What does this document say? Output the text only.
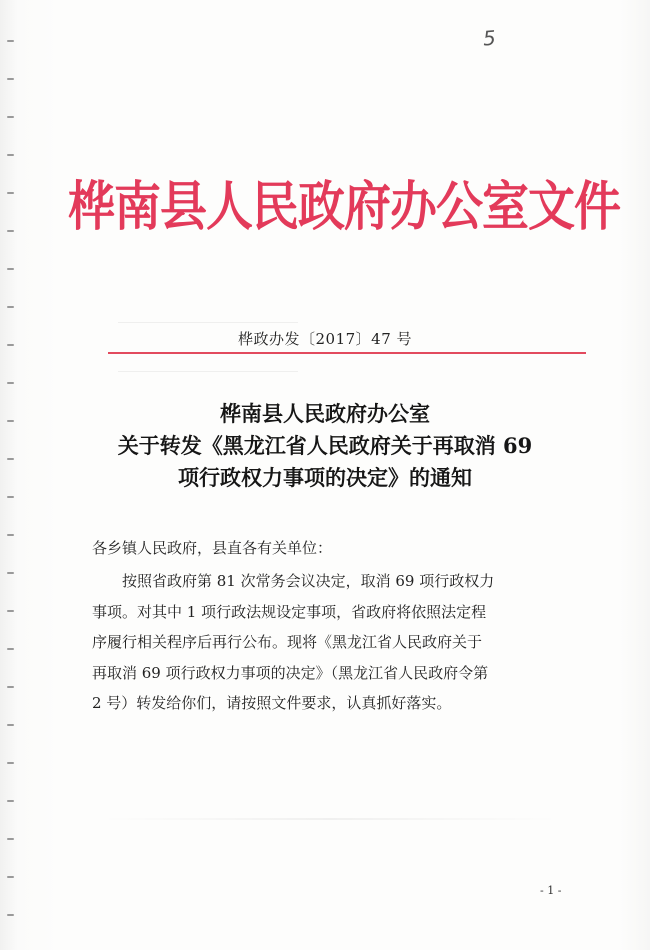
5
桦南县人民政府办公室文件
桦政办发〔2017〕47 号
桦南县人民政府办公室
关于转发《黑龙江省人民政府关于再取消 69
项行政权力事项的决定》的通知
各乡镇人民政府，县直各有关单位：
按照省政府第 81 次常务会议决定，取消 69 项行政权力
事项。对其中 1 项行政法规设定事项，省政府将依照法定程
序履行相关程序后再行公布。现将《黑龙江省人民政府关于
再取消 69 项行政权力事项的决定》（黑龙江省人民政府令第
2 号）转发给你们，请按照文件要求，认真抓好落实。
- 1 -
